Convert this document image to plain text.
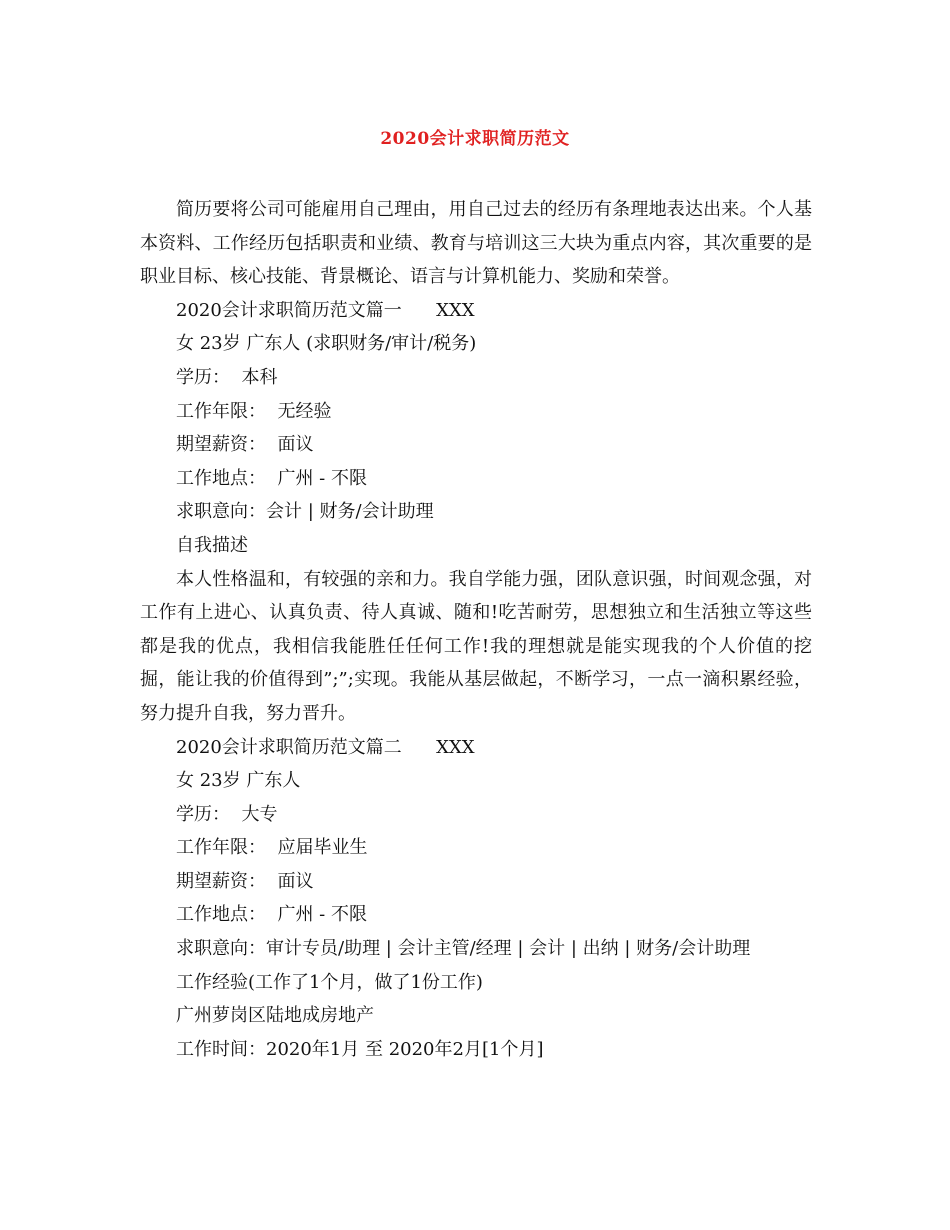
2020会计求职简历范文

简历要将公司可能雇用自己理由，用自己过去的经历有条理地表达出来。个人基本资料、工作经历包括职责和业绩、教育与培训这三大块为重点内容，其次重要的是职业目标、核心技能、背景概论、语言与计算机能力、奖励和荣誉。

2020会计求职简历范文篇一      XXX

女 23岁 广东人 (求职财务/审计/税务)

学历：  本科

工作年限：  无经验

期望薪资：  面议

工作地点：  广州 - 不限

求职意向：会计 | 财务/会计助理

自我描述

本人性格温和，有较强的亲和力。我自学能力强，团队意识强，时间观念强，对工作有上进心、认真负责、待人真诚、随和!吃苦耐劳，思想独立和生活独立等这些都是我的优点，我相信我能胜任任何工作!我的理想就是能实现我的个人价值的挖掘，能让我的价值得到”;”;实现。我能从基层做起，不断学习，一点一滴积累经验，努力提升自我，努力晋升。

2020会计求职简历范文篇二      XXX

女 23岁 广东人

学历：  大专

工作年限：  应届毕业生

期望薪资：  面议

工作地点：  广州 - 不限

求职意向：审计专员/助理 | 会计主管/经理 | 会计 | 出纳 | 财务/会计助理

工作经验(工作了1个月，做了1份工作)

广州萝岗区陆地成房地产

工作时间：2020年1月 至 2020年2月[1个月]
